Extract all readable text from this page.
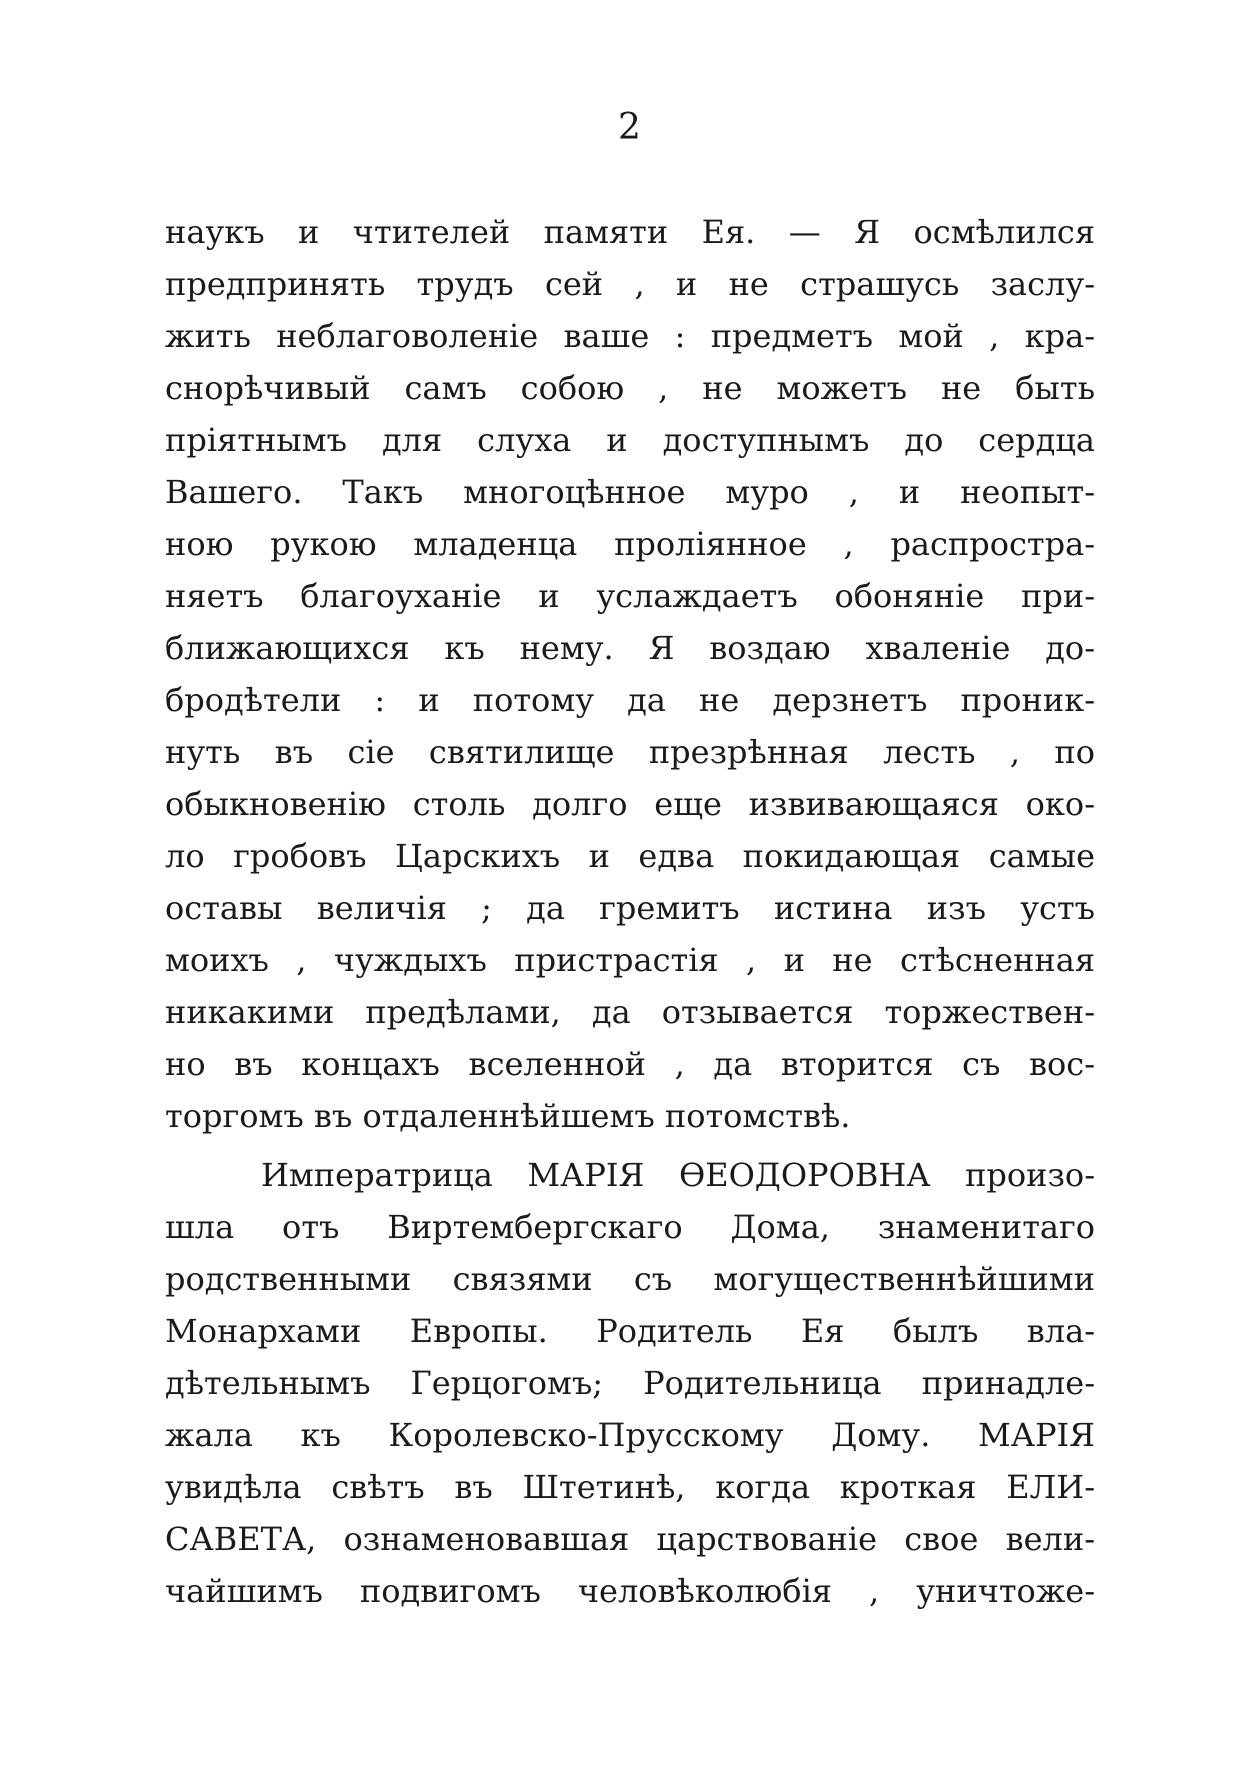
2
наукъ и чтителей памяти Ея. — Я осмѣлился
предпринять трудъ сей , и не страшусь заслу-
жить неблаговоленіе ваше : предметъ мой , кра-
снорѣчивый самъ собою , не можетъ не быть
пріятнымъ для слуха и доступнымъ до сердца
Вашего. Такъ многоцѣнное муро , и неопыт-
ною рукою младенца проліянное , распростра-
няетъ благоуханіе и услаждаетъ обоняніе при-
ближающихся къ нему. Я воздаю хваленіе до-
бродѣтели : и потому да не дерзнетъ проник-
нуть въ сіе святилище презрѣнная лесть , по
обыкновенію столь долго еще извивающаяся око-
ло гробовъ Царскихъ и едва покидающая самые
оставы величія ; да гремитъ истина изъ устъ
моихъ , чуждыхъ пристрастія , и не стѣсненная
никакими предѣлами, да отзывается торжествен-
но въ концахъ вселенной , да вторится съ вос-
торгомъ въ отдаленнѣйшемъ потомствѣ.
Императрица МАРІЯ ѲЕОДОРОВНА произо-
шла отъ Виртембергскаго Дома, знаменитаго
родственными связями съ могущественнѣйшими
Монархами Европы. Родитель Ея былъ вла-
дѣтельнымъ Герцогомъ; Родительница принадле-
жала къ Королевско-Прусскому Дому. МАРІЯ
увидѣла свѣтъ въ Штетинѣ, когда кроткая ЕЛИ-
САВЕТА, ознаменовавшая царствованіе свое вели-
чайшимъ подвигомъ человѣколюбія , уничтоже-
